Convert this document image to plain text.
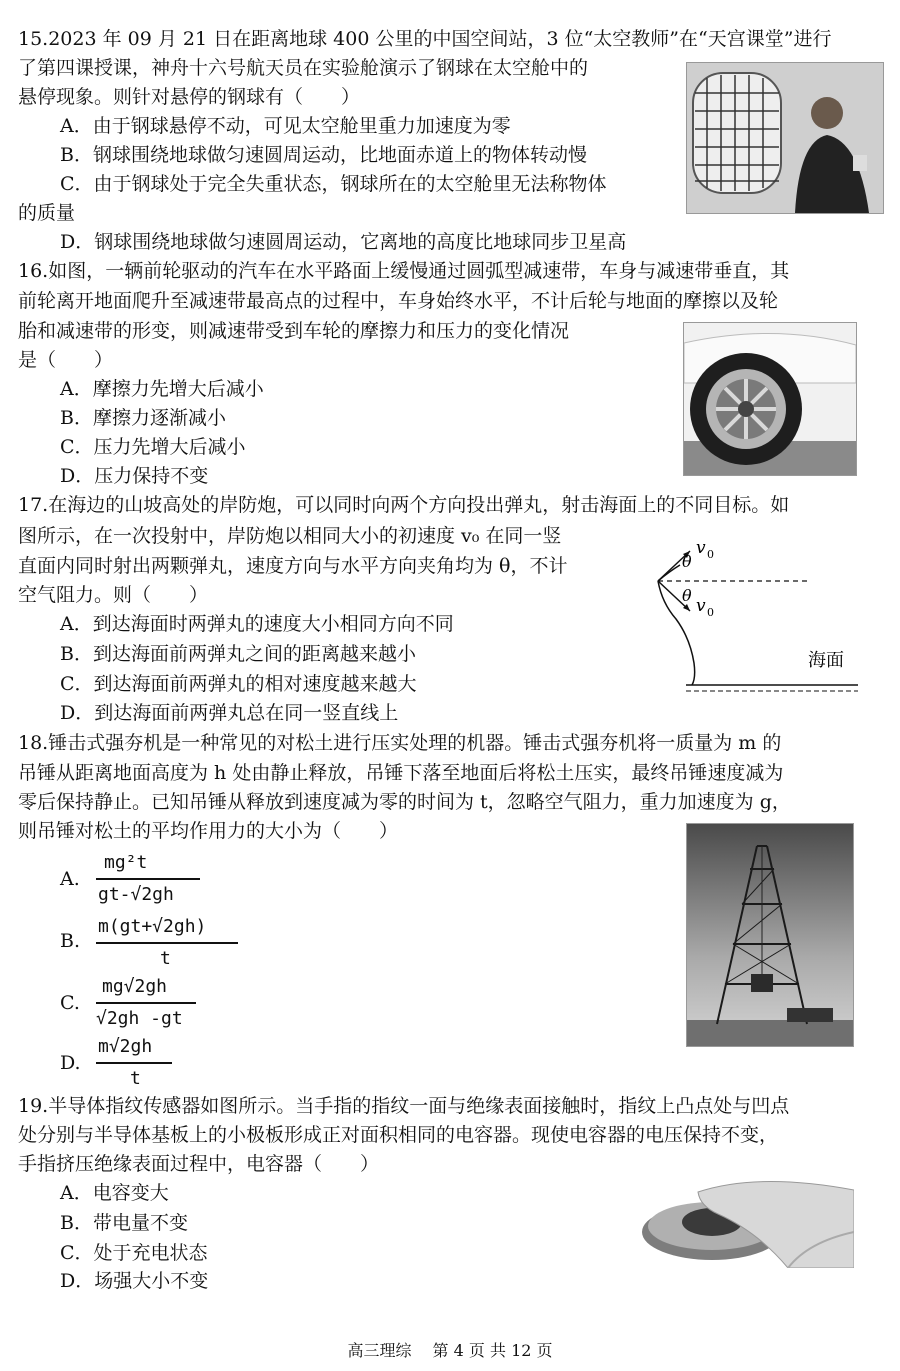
15.2023 年 09 月 21 日在距离地球 400 公里的中国空间站，3 位“太空教师”在“天宫课堂”进行
了第四课授课，神舟十六号航天员在实验舱演示了钢球在太空舱中的
悬停现象。则针对悬停的钢球有（　　）
A．由于钢球悬停不动，可见太空舱里重力加速度为零
B．钢球围绕地球做匀速圆周运动，比地面赤道上的物体转动慢
C．由于钢球处于完全失重状态，钢球所在的太空舱里无法称物体
的质量
D．钢球围绕地球做匀速圆周运动，它离地的高度比地球同步卫星高
16.如图，一辆前轮驱动的汽车在水平路面上缓慢通过圆弧型减速带，车身与减速带垂直，其
前轮离开地面爬升至减速带最高点的过程中，车身始终水平，不计后轮与地面的摩擦以及轮
胎和减速带的形变，则减速带受到车轮的摩擦力和压力的变化情况
是（　　）
A．摩擦力先增大后减小
B．摩擦力逐渐减小
C．压力先增大后减小
D．压力保持不变
17.在海边的山坡高处的岸防炮，可以同时向两个方向投出弹丸，射击海面上的不同目标。如
图所示，在一次投射中，岸防炮以相同大小的初速度 v₀ 在同一竖
直面内同时射出两颗弹丸，速度方向与水平方向夹角均为 θ，不计
空气阻力。则（　　）
A．到达海面时两弹丸的速度大小相同方向不同
B．到达海面前两弹丸之间的距离越来越小
C．到达海面前两弹丸的相对速度越来越大
D．到达海面前两弹丸总在同一竖直线上
θ
θ
v 0
v 0
海面
18.锤击式强夯机是一种常见的对松土进行压实处理的机器。锤击式强夯机将一质量为 m 的
吊锤从距离地面高度为 h 处由静止释放，吊锤下落至地面后将松土压实，最终吊锤速度减为
零后保持静止。已知吊锤从释放到速度减为零的时间为 t，忽略空气阻力，重力加速度为 g，
则吊锤对松土的平均作用力的大小为（　　）
A.
mg²t
gt-√2gh
B.
m(gt+√2gh)
t
C.
mg√2gh
√2gh -gt
D.
m√2gh
t
19.半导体指纹传感器如图所示。当手指的指纹一面与绝缘表面接触时，指纹上凸点处与凹点
处分别与半导体基板上的小极板形成正对面积相同的电容器。现使电容器的电压保持不变，
手指挤压绝缘表面过程中，电容器（　　）
A．电容变大
B．带电量不变
C．处于充电状态
D．场强大小不变
高三理综　 第 4 页 共 12 页
